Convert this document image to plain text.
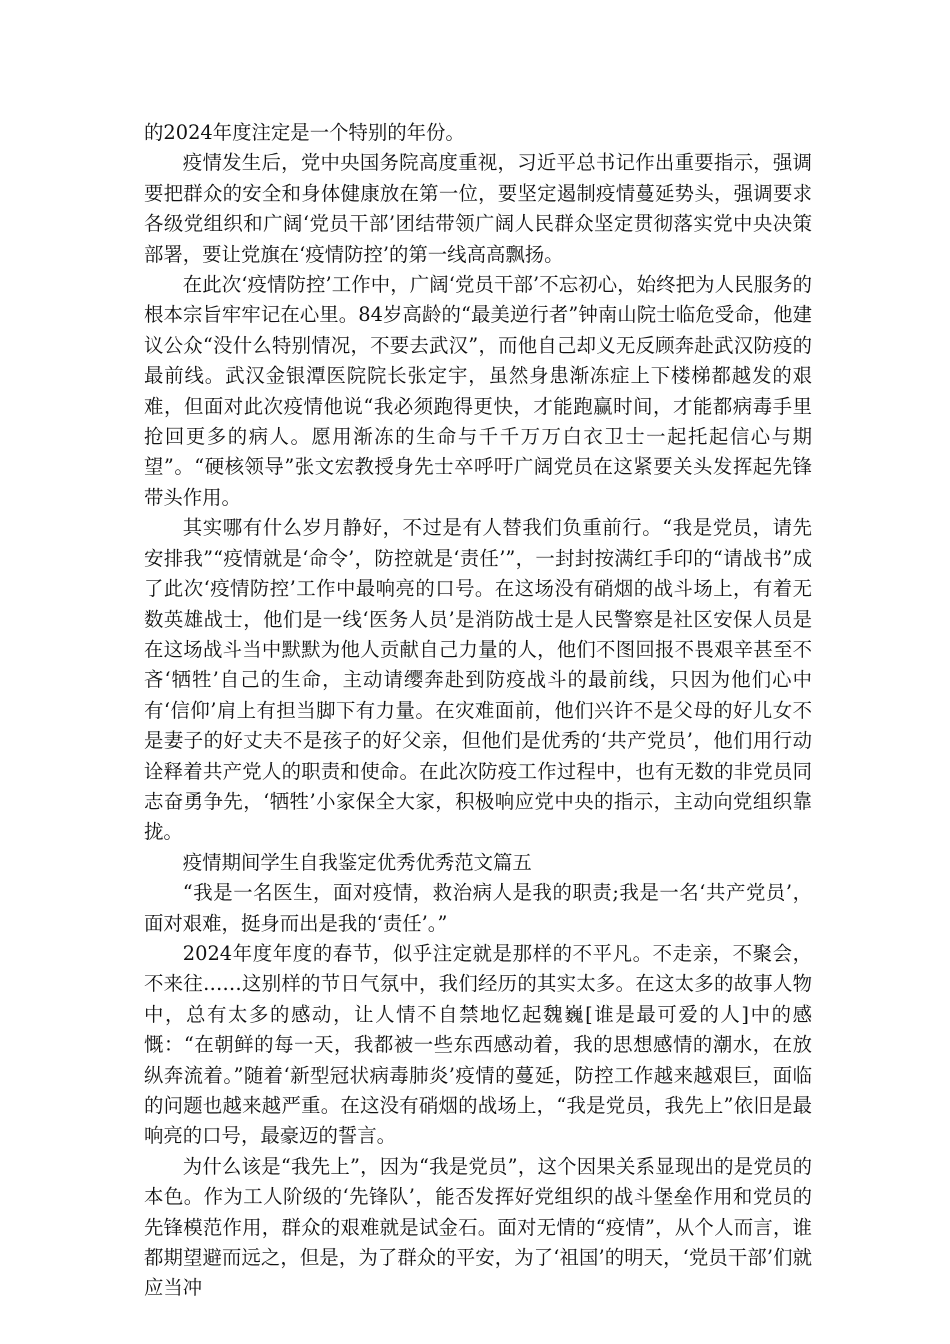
的2024年度注定是一个特别的年份。

疫情发生后，党中央国务院高度重视，习近平总书记作出重要指示，强调要把群众的安全和身体健康放在第一位，要坚定遏制疫情蔓延势头，强调要求各级党组织和广阔‘党员干部’团结带领广阔人民群众坚定贯彻落实党中央决策部署，要让党旗在‘疫情防控’的第一线高高飘扬。

在此次‘疫情防控’工作中，广阔‘党员干部’不忘初心，始终把为人民服务的根本宗旨牢牢记在心里。84岁高龄的“最美逆行者”钟南山院士临危受命，他建议公众“没什么特别情况，不要去武汉”，而他自己却义无反顾奔赴武汉防疫的最前线。武汉金银潭医院院长张定宇，虽然身患渐冻症上下楼梯都越发的艰难，但面对此次疫情他说“我必须跑得更快，才能跑赢时间，才能都病毒手里抢回更多的病人。愿用渐冻的生命与千千万万白衣卫士一起托起信心与期望”。“硬核领导”张文宏教授身先士卒呼吁广阔党员在这紧要关头发挥起先锋带头作用。

其实哪有什么岁月静好，不过是有人替我们负重前行。“我是党员，请先安排我”“疫情就是‘命令’，防控就是‘责任’”，一封封按满红手印的“请战书”成了此次‘疫情防控’工作中最响亮的口号。在这场没有硝烟的战斗场上，有着无数英雄战士，他们是一线‘医务人员’是消防战士是人民警察是社区安保人员是在这场战斗当中默默为他人贡献自己力量的人，他们不图回报不畏艰辛甚至不吝‘牺牲’自己的生命，主动请缨奔赴到防疫战斗的最前线，只因为他们心中有‘信仰’肩上有担当脚下有力量。在灾难面前，他们兴许不是父母的好儿女不是妻子的好丈夫不是孩子的好父亲，但他们是优秀的‘共产党员’，他们用行动诠释着共产党人的职责和使命。在此次防疫工作过程中，也有无数的非党员同志奋勇争先，‘牺牲’小家保全大家，积极响应党中央的指示，主动向党组织靠拢。

疫情期间学生自我鉴定优秀优秀范文篇五

“我是一名医生，面对疫情，救治病人是我的职责;我是一名‘共产党员’，面对艰难，挺身而出是我的‘责任’。”

2024年度年度的春节，似乎注定就是那样的不平凡。不走亲，不聚会，不来往……这别样的节日气氛中，我们经历的其实太多。在这太多的故事人物中，总有太多的感动，让人情不自禁地忆起魏巍[谁是最可爱的人]中的感慨：“在朝鲜的每一天，我都被一些东西感动着，我的思想感情的潮水，在放纵奔流着。”随着‘新型冠状病毒肺炎’疫情的蔓延，防控工作越来越艰巨，面临的问题也越来越严重。在这没有硝烟的战场上，“我是党员，我先上”依旧是最响亮的口号，最豪迈的誓言。

为什么该是“我先上”，因为“我是党员”，这个因果关系显现出的是党员的本色。作为工人阶级的‘先锋队’，能否发挥好党组织的战斗堡垒作用和党员的先锋模范作用，群众的艰难就是试金石。面对无情的“疫情”，从个人而言，谁都期望避而远之，但是，为了群众的平安，为了‘祖国’的明天，‘党员干部’们就应当冲
